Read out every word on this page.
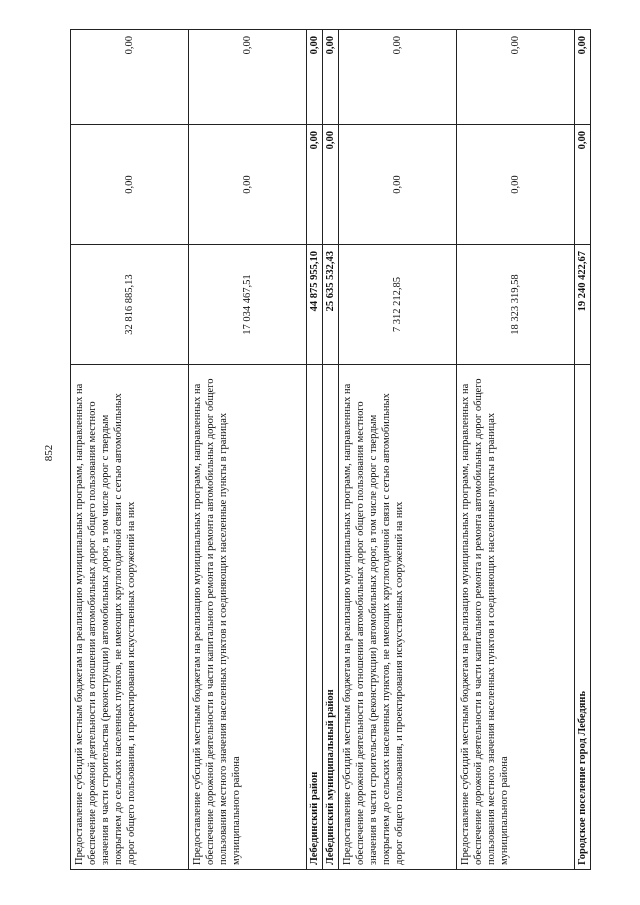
852 Предоставление субсидий местным бюджетам на реализацию муниципальных программ, направленных на обеспечение дорожной деятельности в отношении автомобильных дорог общего пользования местного значения в части строительства (реконструкции) автомобильных дорог, в том числе дорог с твердым покрытием до сельских населенных пунктов, не имеющих круглогодичной связи с сетью автомобильных дорог общего пользования, и проектирования искусственных сооружений на них	32 816 885,13	0,00	0,00
Предоставление субсидий местным бюджетам на реализацию муниципальных программ, направленных на обеспечение дорожной деятельности в части капитального ремонта и ремонта автомобильных дорог общего пользования местного значения населенных пунктов и соединяющих населенные пункты в границах муниципального района	17 034 467,51	0,00	0,00
Лебединский район	44 875 955,10	0,00	0,00
Лебединский муниципальный район	25 635 532,43	0,00	0,00
Предоставление субсидий местным бюджетам на реализацию муниципальных программ, направленных на обеспечение дорожной деятельности в отношении автомобильных дорог общего пользования местного значения в части строительства (реконструкции) автомобильных дорог, в том числе дорог с твердым покрытием до сельских населенных пунктов, не имеющих круглогодичной связи с сетью автомобильных дорог общего пользования, и проектирования искусственных сооружений на них	7 312 212,85	0,00	0,00
Предоставление субсидий местным бюджетам на реализацию муниципальных программ, направленных на обеспечение дорожной деятельности в части капитального ремонта и ремонта автомобильных дорог общего пользования местного значения населенных пунктов и соединяющих населенные пункты в границах муниципального района	18 323 319,58	0,00	0,00
Городское поселение город Лебедянь	19 240 422,67	0,00	0,00
